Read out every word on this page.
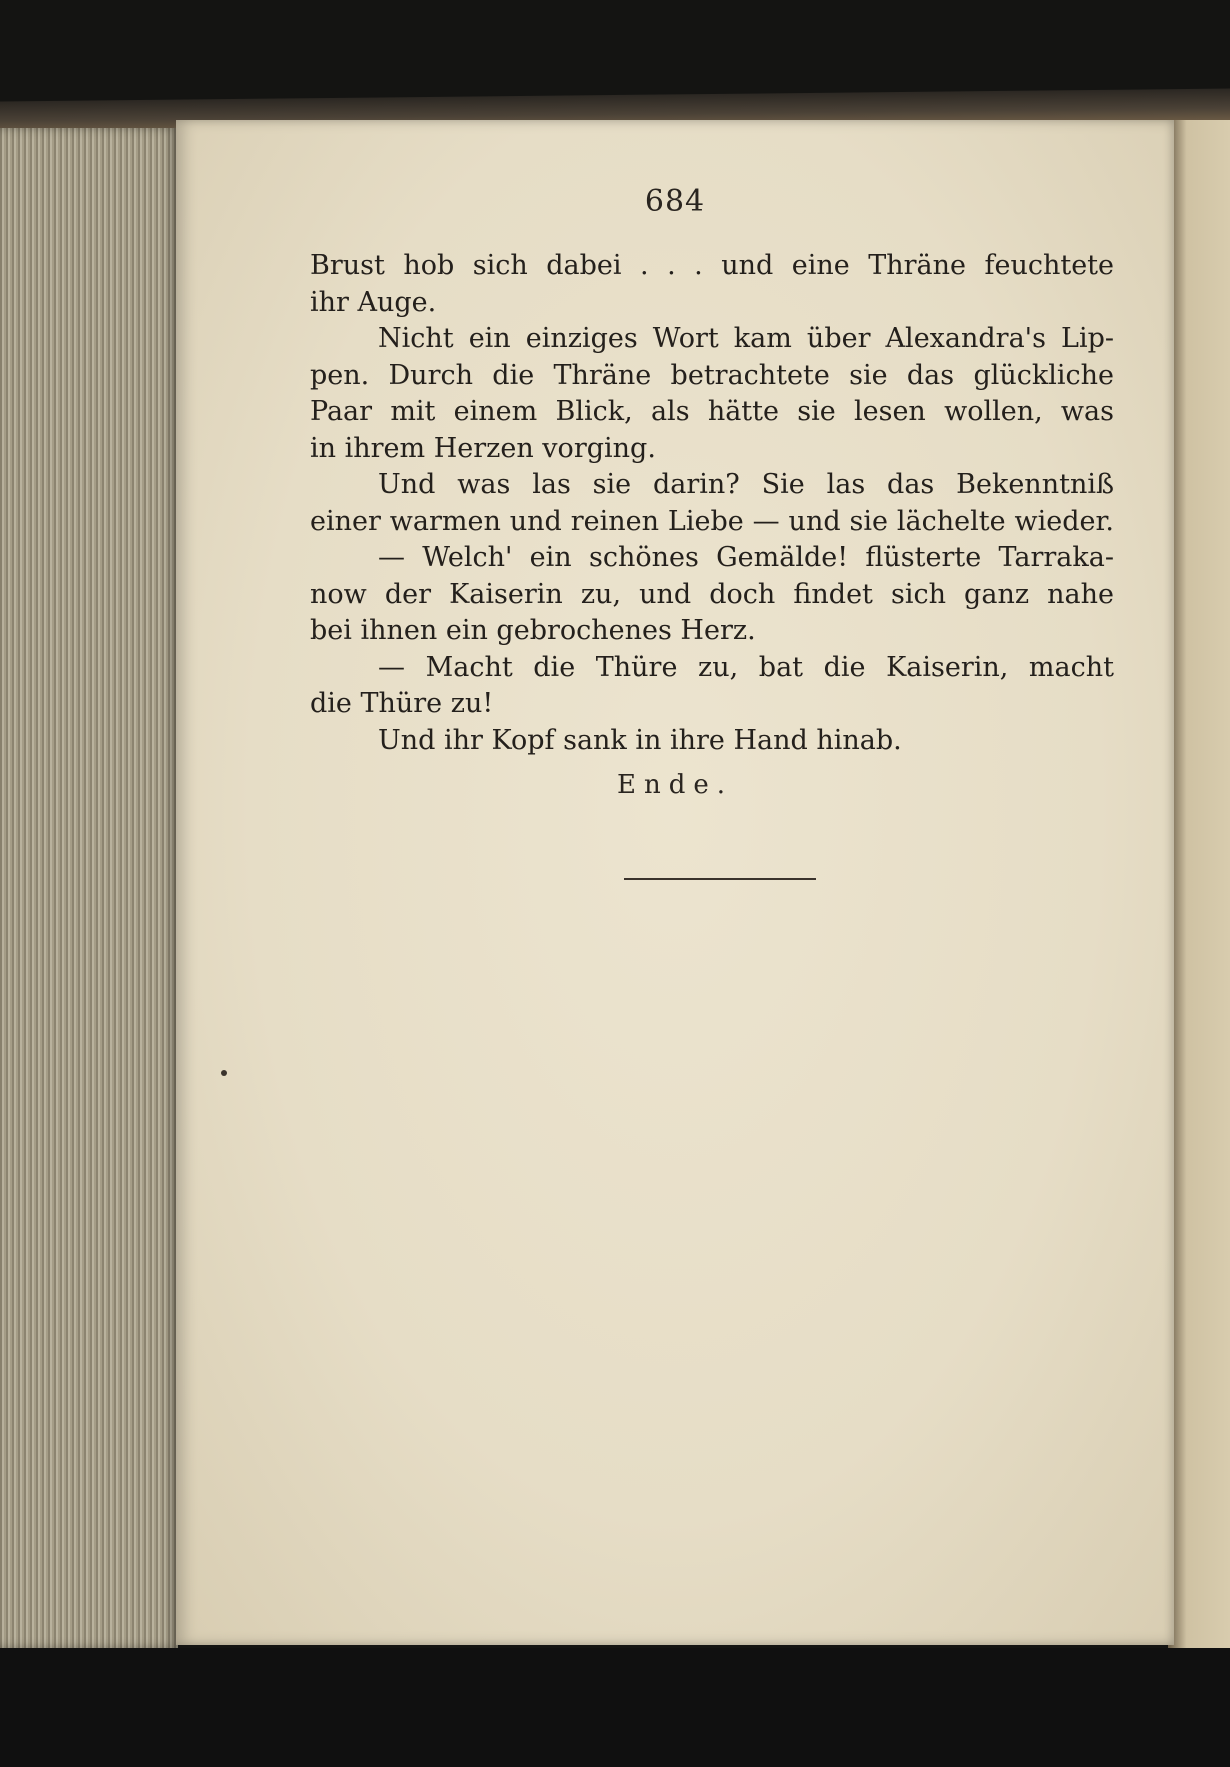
684
Brust hob sich dabei . . . und eine Thräne feuchtete
ihr Auge.
Nicht ein einziges Wort kam über Alexandra's Lip-
pen. Durch die Thräne betrachtete sie das glückliche
Paar mit einem Blick, als hätte sie lesen wollen, was
in ihrem Herzen vorging.
Und was las sie darin? Sie las das Bekenntniß
einer warmen und reinen Liebe — und sie lächelte wieder.
— Welch' ein schönes Gemälde! flüsterte Tarraka-
now der Kaiserin zu, und doch findet sich ganz nahe
bei ihnen ein gebrochenes Herz.
— Macht die Thüre zu, bat die Kaiserin, macht
die Thüre zu!
Und ihr Kopf sank in ihre Hand hinab.
Ende.
